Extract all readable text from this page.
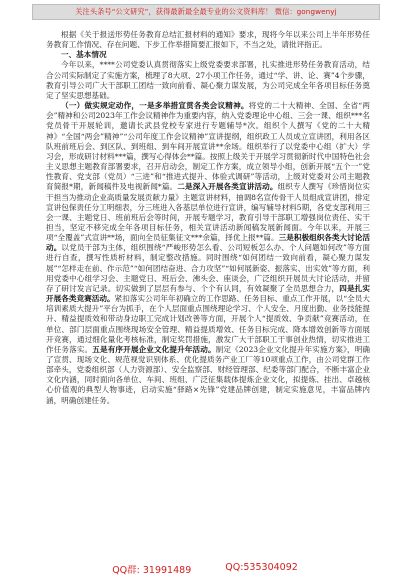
关注头条号“公文研究”，获得最新最全最专业的公文资料库！ 微信：gongwenyj

根据《关于报送形势任务教育总结汇报材料的通知》要求，现将今年以来公司上半年形势任务教育工作情况、存在问题、下步工作举措简要汇报如下，不当之处，请批评指正。

一、基本情况

今年以来，****公司党委认真贯彻落实上级党委要求部署，扎实推进形势任务教育活动，结合公司实际制定了实施方案，梳理了8大项、27小项工作任务，通过“学、讲、论、赛”4个步骤，教育引导公司广大干部职工团结一致向前看、凝心聚力谋发展，为公司完成全年各项目标任务奠定了坚实思想基础。

（一）做实规定动作，一是多举措宣贯各类会议精神。将党的二十大精神、全国、全省“两会”精神和公司2023年工作会议精神作为重要内容，纳入党委理论中心组、三会一课、组织***名党员骨干开展轮训，邀请长武县党校专家进行专题辅导*次。组织个人撰写《党的二十大精神》“全国“两会”精神”“公司年度工作会议精神”宣讲提纲，组织政工人员成立宣讲团，利用各区队班前班后会、到区队、到班组、到车间开展宣讲**余场。组织举行了以党委中心组（扩大）学习会，形成研讨材料***篇，撰写心得体会**篇。按照上级关于开展学习贯彻新时代中国特色社会主义思想主题教育部署要求，召开启动会，制定工作方案，成立领导小组，创新开展“五个一”党性教育、党支部（党员）“三进”和“推进式提升、体验式调研”等活动，上级对党委对公司主题教育简报*期，新闻稿件及电视新闻*篇。二是深入开展各类宣讲活动。组织专人撰写《珍惜岗位实干担当为推动企业高质量发展贡献力量》主题宣讲材料，抽调8名宣传骨干人员组成宣讲团，排定宣讲包保责任分工明细表，分三班进入各基层单位进行宣讲，编写辅导材料5期，各党支部利用三会一课、主题党日、班前班后会等时间，开展专题学习，教育引导干部职工增强岗位责任、实干担当，坚定不移完成全年各项目标任务，相关宣讲活动新闻稿发展新闻面。今年以来，开展三项“全覆盖”式宣讲**场，面向全员征集征文***余篇，择优上报**篇。三是积极组织各类大讨论活动。以党员干部为主体，组织围绕“严峻形势怎么看、公司短板怎么办、个人问题如何改”等方面进行自查，撰写性质析材料，制定整改措施。同时围绕“如何团结一致向前看，凝心聚力谋发展”“怎样走在前、作示范”“如何团结奋进、合力攻坚”“如何展新姿、振落实、出实效”等方面，利用党委中心组学习会、主题党日、班后会、沸头会、座谈会，广泛组织开展员大讨论活动，并留存了研讨发言记录。切实做到了层层有参与、个个有认同，有效凝聚了全员思想合力，四是扎实开展各类竞赛活动。紧扣落实公司年年初确立的工作思路、任务目标、重点工作开展，以“全员大培训素质大提升”平台为抓手，在个人层面重点围绕理论学习、个人安全、月度出勤、业务技能提升、精益提质效和带动身边职工完成计划改善等方面，开展个人“提质效、争贡献”竞赛活动，在单位、部门层面重点围绕现场安全管理、精益提质增效、任务目标完成、降本增效创新等方面展开竞赛，通过细化量化考核标准，制定奖罚措施，激发广大干部职工干事创业热情，切实推进工作任务落实。五是有序开展企业文化提升年活动。制定《2023企业文化提升年实施方案》，明确了宣贯、现场文化、规范视觉识别体系、优化提质务产业工厂等10项重点工作，由公司党群工作部牵头，党委组织部（人力资源部）、安全监察部、财经管理部、纪委等部门配合，不断丰富企业文化内涵，同时面向各单位、车间、班组、广泛征集载体提炼企业文化，拟提炼、挂出、卓越核心价值观的典型人物事迹，启动实施“驿路×先锋”党建品牌创建，制定实施意见，丰富品牌内涵，明确创建任务。

QQ群: 31991489	QQ:535304092
